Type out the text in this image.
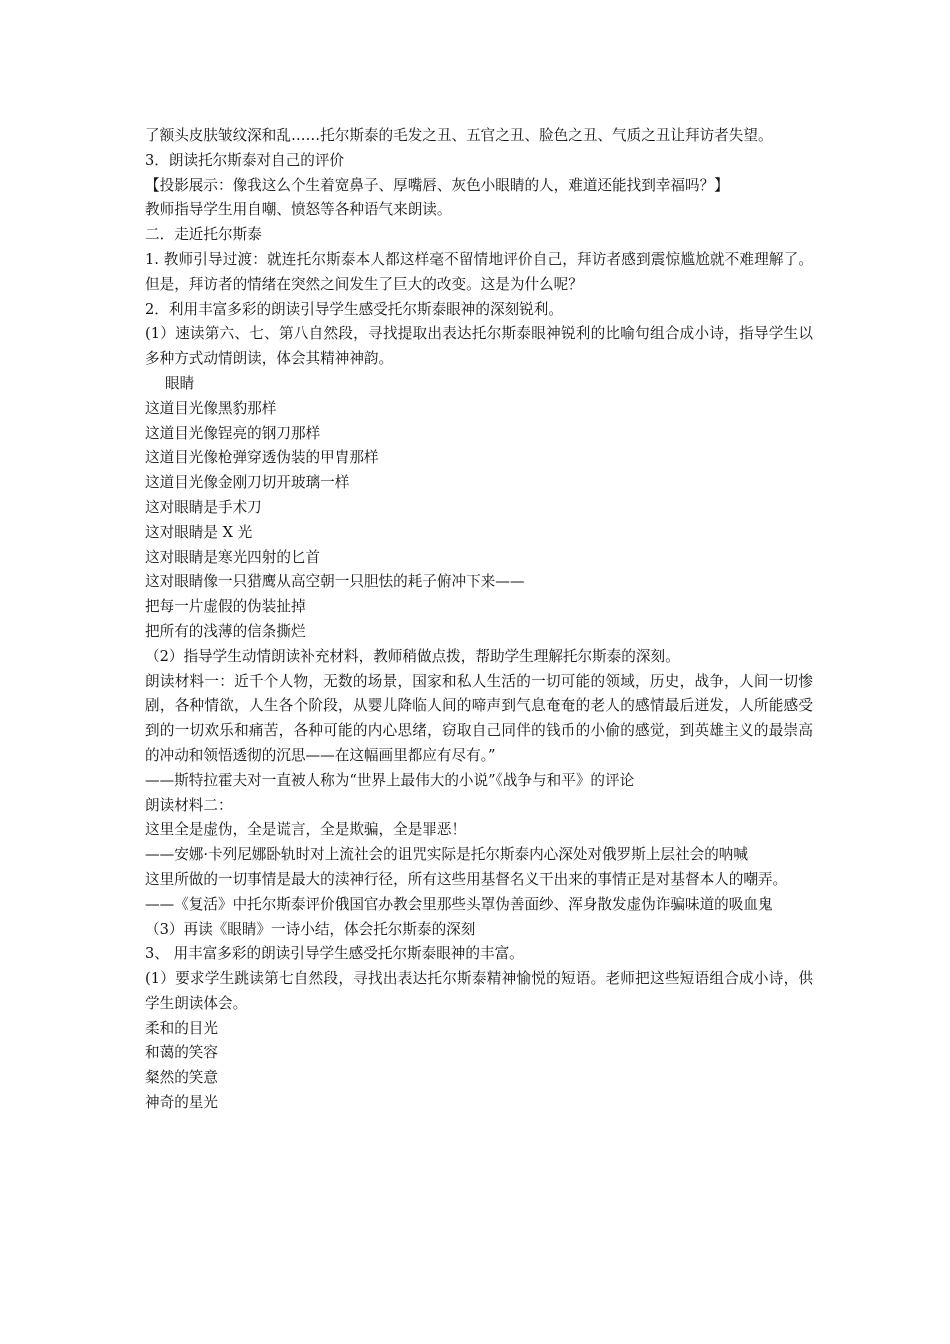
了额头皮肤皱纹深和乱……托尔斯泰的毛发之丑、五官之丑、脸色之丑、气质之丑让拜访者失望。

3．朗读托尔斯泰对自己的评价

【投影展示：像我这么个生着宽鼻子、厚嘴唇、灰色小眼睛的人，难道还能找到幸福吗？】

教师指导学生用自嘲、愤怒等各种语气来朗读。

二．走近托尔斯泰

1. 教师引导过渡：就连托尔斯泰本人都这样毫不留情地评价自己，拜访者感到震惊尴尬就不难理解了。但是，拜访者的情绪在突然之间发生了巨大的改变。这是为什么呢？

2．利用丰富多彩的朗读引导学生感受托尔斯泰眼神的深刻锐利。

(1）速读第六、七、第八自然段，寻找提取出表达托尔斯泰眼神锐利的比喻句组合成小诗，指导学生以多种方式动情朗读，体会其精神神韵。

眼睛

这道目光像黑豹那样

这道目光像锃亮的钢刀那样

这道目光像枪弹穿透伪装的甲胄那样

这道目光像金刚刀切开玻璃一样

这对眼睛是手术刀

这对眼睛是 X 光

这对眼睛是寒光四射的匕首

这对眼睛像一只猎鹰从高空朝一只胆怯的耗子俯冲下来——

把每一片虚假的伪装扯掉

把所有的浅薄的信条撕烂

（2）指导学生动情朗读补充材料，教师稍做点拨，帮助学生理解托尔斯泰的深刻。

朗读材料一：近千个人物，无数的场景，国家和私人生活的一切可能的领域，历史，战争，人间一切惨剧，各种情欲，人生各个阶段，从婴儿降临人间的啼声到气息奄奄的老人的感情最后迸发，人所能感受到的一切欢乐和痛苦，各种可能的内心思绪，窃取自己同伴的钱币的小偷的感觉，到英雄主义的最崇高的冲动和领悟透彻的沉思——在这幅画里都应有尽有。”

——斯特拉霍夫对一直被人称为“世界上最伟大的小说”《战争与和平》的评论

朗读材料二：

这里全是虚伪，全是谎言，全是欺骗，全是罪恶！

——安娜·卡列尼娜卧轨时对上流社会的诅咒实际是托尔斯泰内心深处对俄罗斯上层社会的呐喊

这里所做的一切事情是最大的渎神行径，所有这些用基督名义干出来的事情正是对基督本人的嘲弄。

——《复活》中托尔斯泰评价俄国官办教会里那些头罩伪善面纱、浑身散发虚伪诈骗味道的吸血鬼

（3）再读《眼睛》一诗小结，体会托尔斯泰的深刻

3、 用丰富多彩的朗读引导学生感受托尔斯泰眼神的丰富。

(1）要求学生跳读第七自然段，寻找出表达托尔斯泰精神愉悦的短语。老师把这些短语组合成小诗，供学生朗读体会。

柔和的目光

和蔼的笑容

粲然的笑意

神奇的星光
